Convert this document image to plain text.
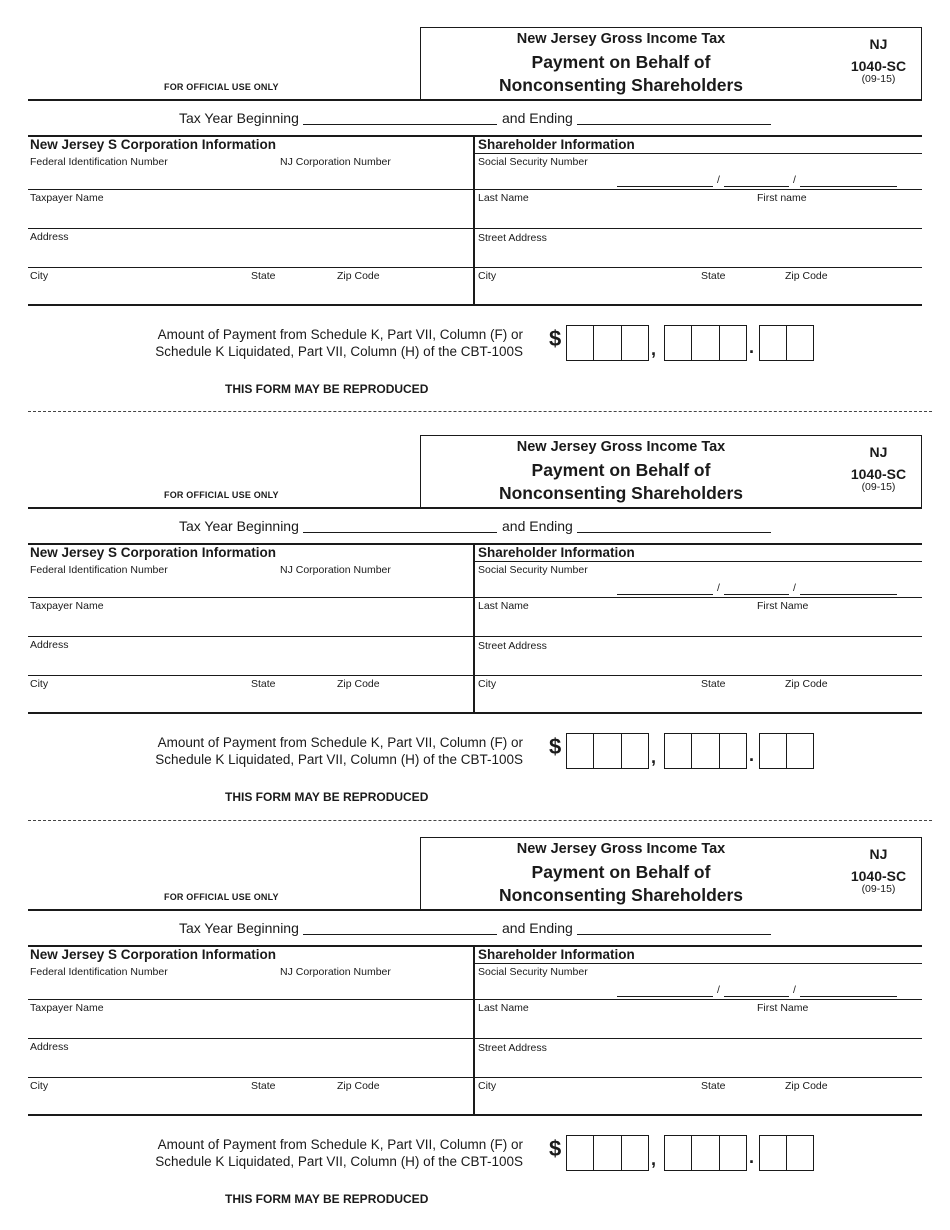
FOR OFFICIAL USE ONLY
New Jersey Gross Income Tax
Payment on Behalf of
Nonconsenting Shareholders
NJ
1040-SC
(09-15)
Tax Year Beginning	and Ending
New Jersey S Corporation Information	Shareholder Information
Federal Identification Number	NJ Corporation Number	Social Security Number
/	/
Taxpayer Name	Last Name	First name
Address	Street Address
City	State	Zip Code	City	State	Zip Code
Amount of Payment from Schedule K, Part VII, Column (F) or
Schedule K Liquidated, Part VII, Column (H) of the CBT-100S
$	,	.
THIS FORM MAY BE REPRODUCED
FOR OFFICIAL USE ONLY
New Jersey Gross Income Tax
Payment on Behalf of
Nonconsenting Shareholders
NJ
1040-SC
(09-15)
Tax Year Beginning	and Ending
New Jersey S Corporation Information	Shareholder Information
Federal Identification Number	NJ Corporation Number	Social Security Number
/	/
Taxpayer Name	Last Name	First Name
Address	Street Address
City	State	Zip Code	City	State	Zip Code
Amount of Payment from Schedule K, Part VII, Column (F) or
Schedule K Liquidated, Part VII, Column (H) of the CBT-100S
$	,	.
THIS FORM MAY BE REPRODUCED
FOR OFFICIAL USE ONLY
New Jersey Gross Income Tax
Payment on Behalf of
Nonconsenting Shareholders
NJ
1040-SC
(09-15)
Tax Year Beginning	and Ending
New Jersey S Corporation Information	Shareholder Information
Federal Identification Number	NJ Corporation Number	Social Security Number
/	/
Taxpayer Name	Last Name	First Name
Address	Street Address
City	State	Zip Code	City	State	Zip Code
Amount of Payment from Schedule K, Part VII, Column (F) or
Schedule K Liquidated, Part VII, Column (H) of the CBT-100S
$	,	.
THIS FORM MAY BE REPRODUCED
